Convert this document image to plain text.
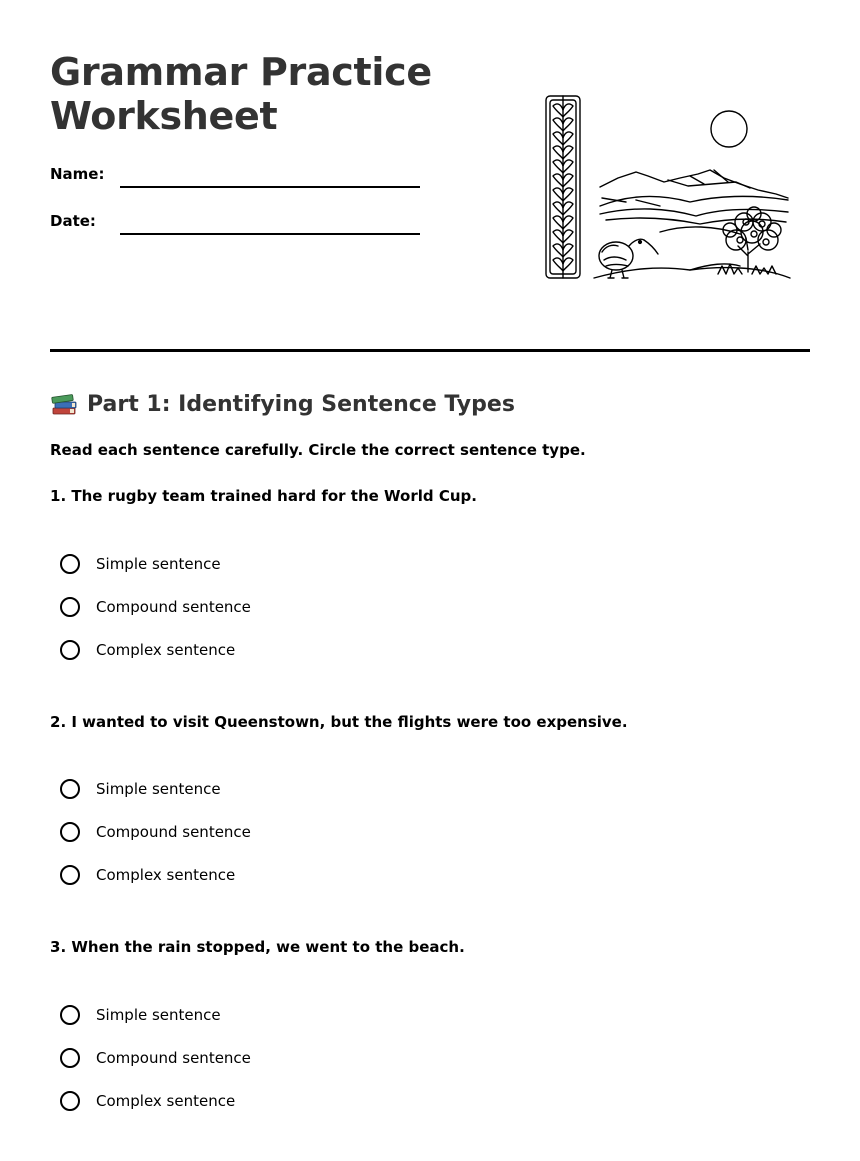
Grammar Practice
Worksheet
Name:
Date:
Part 1: Identifying Sentence Types
Read each sentence carefully. Circle the correct sentence type.
1 . The rugby team trained hard for the World Cup.
Simple sentence
Compound sentence
Complex sentence
2 . I wanted to visit Queenstown, but the flights were too expensive.
Simple sentence
Compound sentence
Complex sentence
3 . When the rain stopped, we went to the beach.
Simple sentence
Compound sentence
Complex sentence
